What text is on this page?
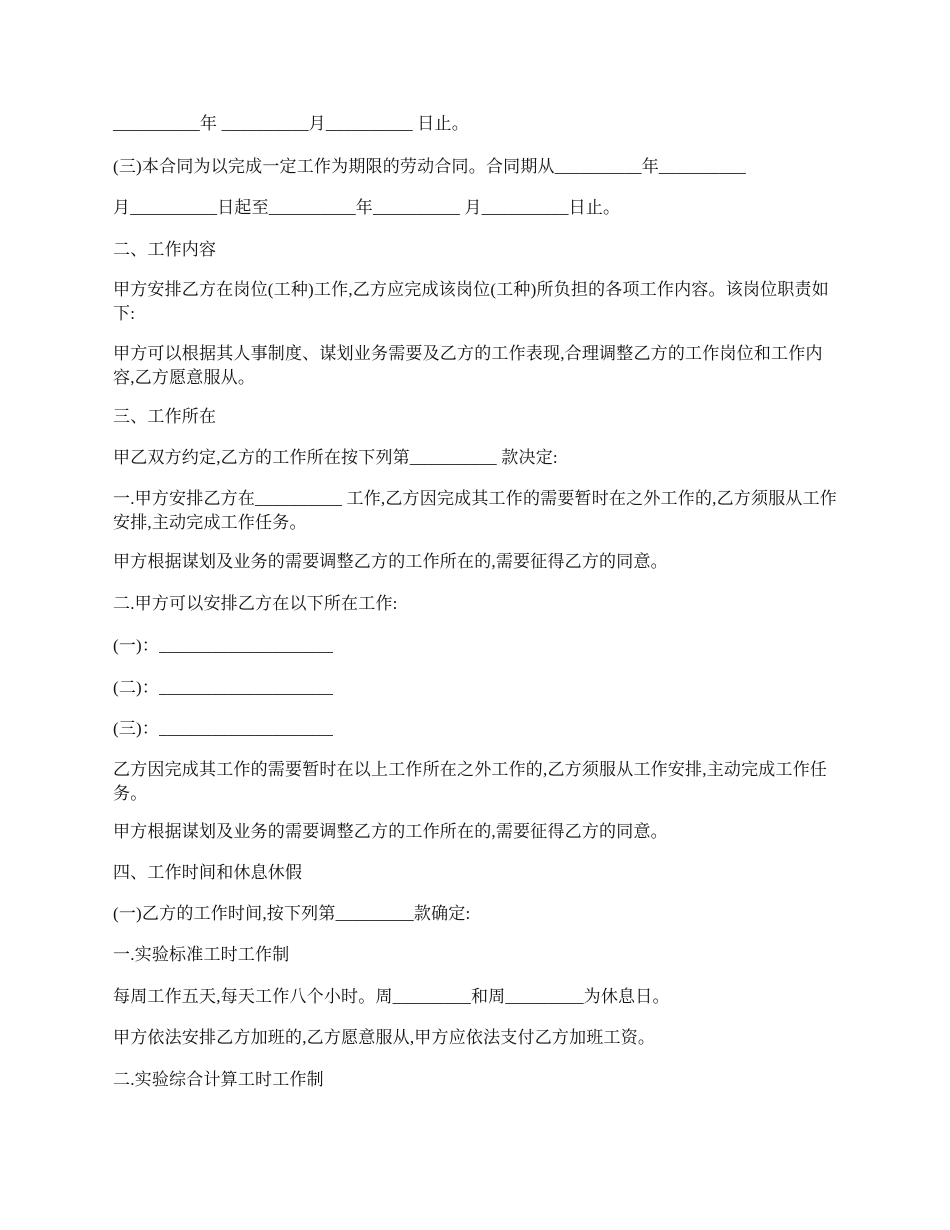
__________年 __________月__________ 日止。
(三)本合同为以完成一定工作为期限的劳动合同。合同期从__________年__________
月__________日起至__________年__________ 月__________日止。
二、工作内容
甲方安排乙方在岗位(工种)工作,乙方应完成该岗位(工种)所负担的各项工作内容。该岗位职责如下:
甲方可以根据其人事制度、谋划业务需要及乙方的工作表现,合理调整乙方的工作岗位和工作内容,乙方愿意服从。
三、工作所在
甲乙双方约定,乙方的工作所在按下列第__________ 款决定:
一.甲方安排乙方在__________ 工作,乙方因完成其工作的需要暂时在之外工作的,乙方须服从工作安排,主动完成工作任务。
甲方根据谋划及业务的需要调整乙方的工作所在的,需要征得乙方的同意。
二.甲方可以安排乙方在以下所在工作:
(一)：____________________
(二)：____________________
(三)：____________________
乙方因完成其工作的需要暂时在以上工作所在之外工作的,乙方须服从工作安排,主动完成工作任务。
甲方根据谋划及业务的需要调整乙方的工作所在的,需要征得乙方的同意。
四、工作时间和休息休假
(一)乙方的工作时间,按下列第_________款确定:
一.实验标准工时工作制
每周工作五天,每天工作八个小时。周_________和周_________为休息日。
甲方依法安排乙方加班的,乙方愿意服从,甲方应依法支付乙方加班工资。
二.实验综合计算工时工作制
